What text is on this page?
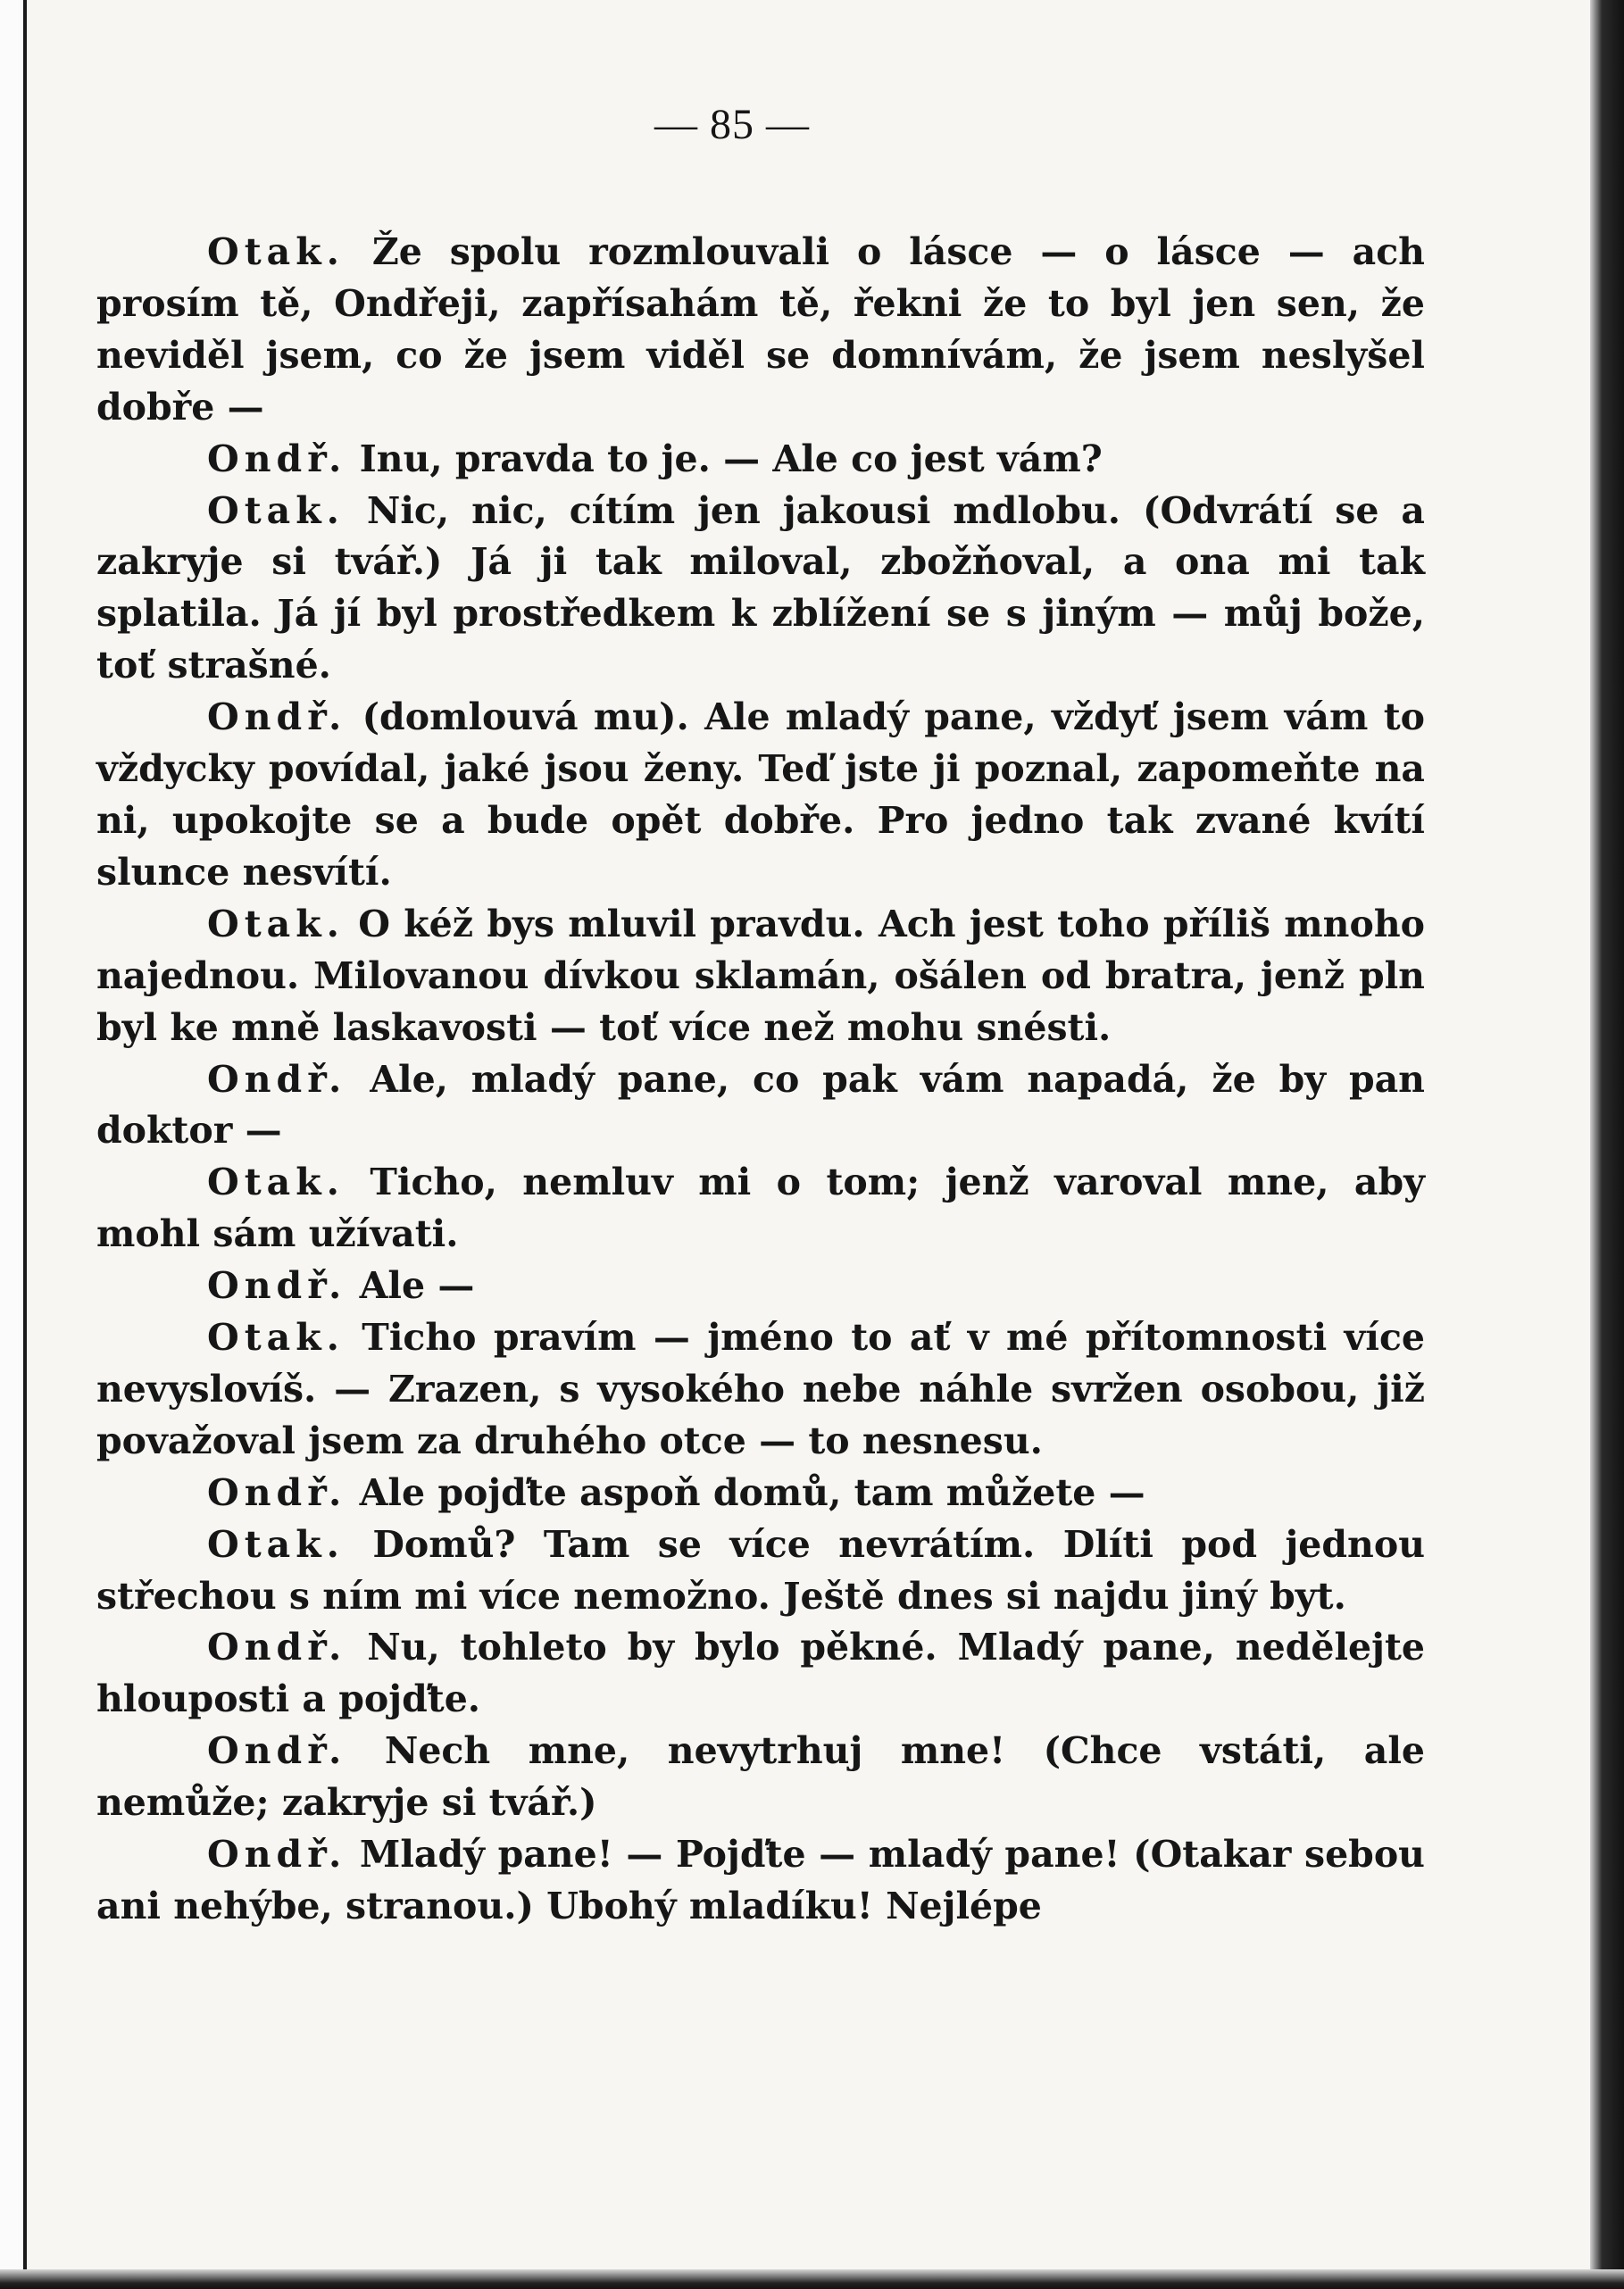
— 85 —

Otak. Že spolu rozmlouvali o lásce — o lásce — ach prosím tě, Ondřeji, zapřísahám tě, řekni že to byl jen sen, že neviděl jsem, co že jsem viděl se domnívám, že jsem neslyšel dobře —

Ondř. Inu, pravda to je. — Ale co jest vám?

Otak. Nic, nic, cítím jen jakousi mdlobu. (Odvrátí se a zakryje si tvář.) Já ji tak miloval, zbožňoval, a ona mi tak splatila. Já jí byl prostředkem k zblížení se s jiným — můj bože, toť strašné.

Ondř. (domlouvá mu). Ale mladý pane, vždyť jsem vám to vždycky povídal, jaké jsou ženy. Teď jste ji poznal, zapomeňte na ni, upokojte se a bude opět dobře. Pro jedno tak zvané kvítí slunce nesvítí.

Otak. O kéž bys mluvil pravdu. Ach jest toho příliš mnoho najednou. Milovanou dívkou sklamán, ošálen od bratra, jenž pln byl ke mně laskavosti — toť více než mohu snésti.

Ondř. Ale, mladý pane, co pak vám napadá, že by pan doktor —

Otak. Ticho, nemluv mi o tom; jenž varoval mne, aby mohl sám užívati.

Ondř. Ale —

Otak. Ticho pravím — jméno to ať v mé přítomnosti více nevyslovíš. — Zrazen, s vysokého nebe náhle svržen osobou, již považoval jsem za druhého otce — to nesnesu.

Ondř. Ale pojďte aspoň domů, tam můžete —

Otak. Domů? Tam se více nevrátím. Dlíti pod jednou střechou s ním mi více nemožno. Ještě dnes si najdu jiný byt.

Ondř. Nu, tohleto by bylo pěkné. Mladý pane, nedělejte hlouposti a pojďte.

Ondř. Nech mne, nevytrhuj mne! (Chce vstáti, ale nemůže; zakryje si tvář.)

Ondř. Mladý pane! — Pojďte — mladý pane! (Otakar sebou ani nehýbe, stranou.) Ubohý mladíku! Nejlépe
